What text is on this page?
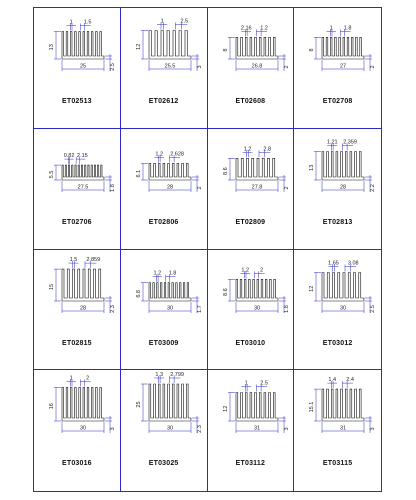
13
25	2.5
1 1.5
ET02513
12
25.5	3
1	2.5
ET02612
8
26.8	2
2.16 1.2
ET02608
8
27	2
1 1.8
ET02708
5.5
27.5	1.8
0.82 2.15
ET02706
6.1
28	2
1.2 2.628
ET02806
8.6
27.8	2
1.2 2.8
ET02809
13
28	2.2
1.21 2.359
ET02813
15
28	2.3
1.5 2.859
ET02815
6.8
30	1.7
1.2 1.8
ET03009
8.6
30	1.8
1.2 2
ET03010
12
30	2.5
1.65 3.08
ET03012
16
30	3
1 2
ET03016
25
30	2.3
1.3 2.799
ET03025
12
31	3
1 2.5
ET03112
15.1
31	3
1.4 2.4
ET03115
